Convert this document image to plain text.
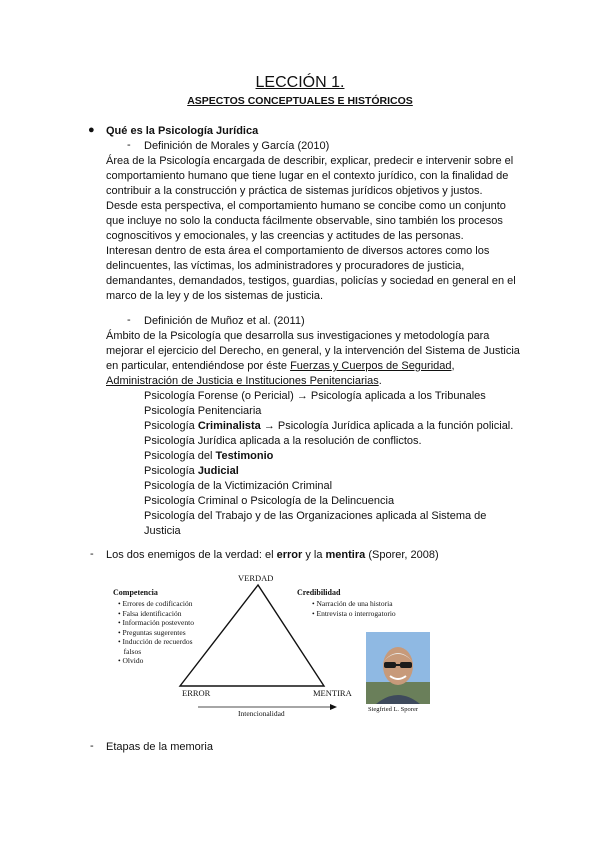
LECCIÓN 1.
ASPECTOS CONCEPTUALES E HISTÓRICOS
● Qué es la Psicología Jurídica
- Definición de Morales y García (2010)
Área de la Psicología encargada de describir, explicar, predecir e intervenir sobre el
comportamiento humano que tiene lugar en el contexto jurídico, con la finalidad de
contribuir a la construcción y práctica de sistemas jurídicos objetivos y justos.
Desde esta perspectiva, el comportamiento humano se concibe como un conjunto
que incluye no solo la conducta fácilmente observable, sino también los procesos
cognoscitivos y emocionales, y las creencias y actitudes de las personas.
Interesan dentro de esta área el comportamiento de diversos actores como los
delincuentes, las víctimas, los administradores y procuradores de justicia,
demandantes, demandados, testigos, guardias, policías y sociedad en general en el
marco de la ley y de los sistemas de justicia.
- Definición de Muñoz et al. (2011)
Ámbito de la Psicología que desarrolla sus investigaciones y metodología para
mejorar el ejercicio del Derecho, en general, y la intervención del Sistema de Justicia
en particular, entendiéndose por éste Fuerzas y Cuerpos de Seguridad,
Administración de Justicia e Instituciones Penitenciarias.
Psicología Forense (o Pericial) → Psicología aplicada a los Tribunales
Psicología Penitenciaria
Psicología Criminalista → Psicología Jurídica aplicada a la función policial.
Psicología Jurídica aplicada a la resolución de conflictos.
Psicología del Testimonio
Psicología Judicial
Psicología de la Victimización Criminal
Psicología Criminal o Psicología de la Delincuencia
Psicología del Trabajo y de las Organizaciones aplicada al Sistema de
Justicia
- Los dos enemigos de la verdad: el error y la mentira (Sporer, 2008)
VERDAD
ERROR	MENTIRA
Intencionalidad
Competencia
• Errores de codificación
• Falsa identificación
• Información postevento
• Preguntas sugerentes
• Inducción de recuerdos
falsos
• Olvido
Credibilidad
• Narración de una historia
• Entrevista o interrogatorio
Siegfried L. Sporer
- Etapas de la memoria
